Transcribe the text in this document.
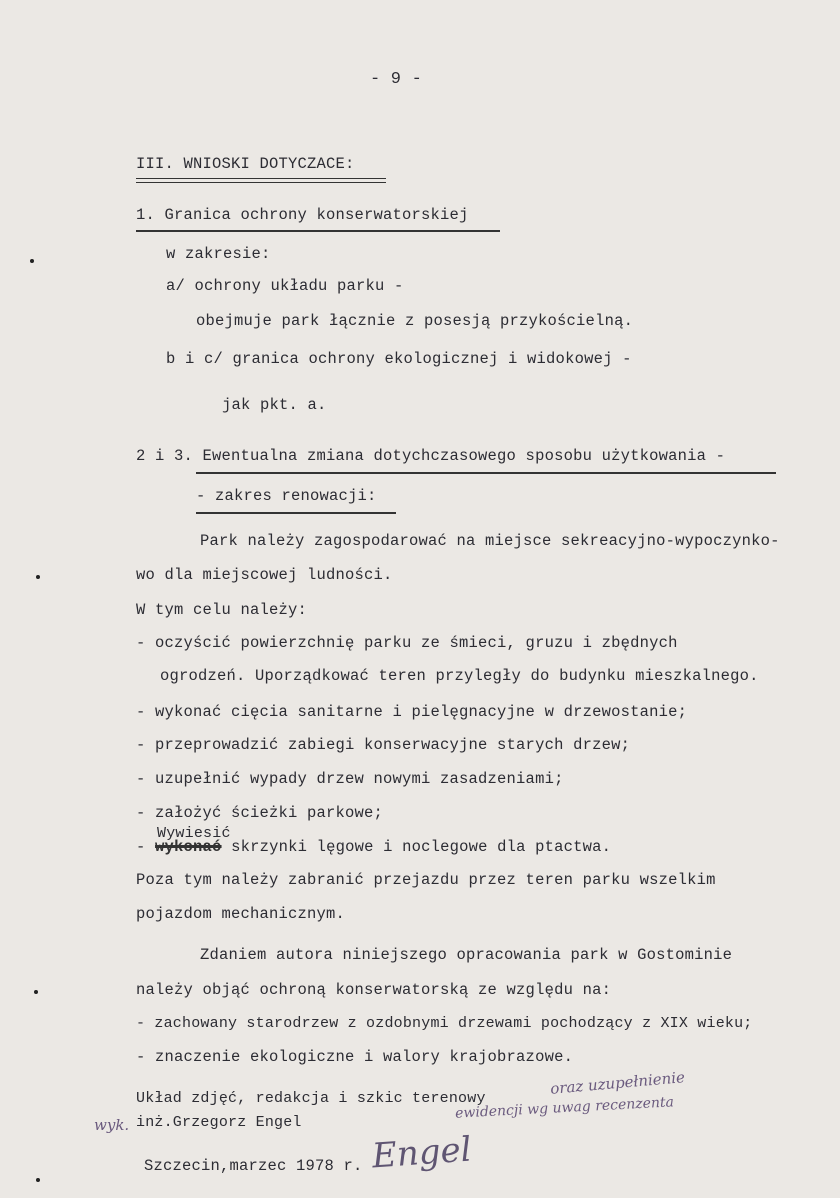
- 9 -
III. WNIOSKI DOTYCZACE:
1. Granica ochrony konserwatorskiej
w zakresie:
a/ ochrony układu parku -
obejmuje park łącznie z posesją przykościelną.
b i c/ granica ochrony ekologicznej i widokowej -
jak pkt. a.
2 i 3. Ewentualna zmiana dotychczasowego sposobu użytkowania -
- zakres renowacji:
Park należy zagospodarować na miejsce sekreacyjno-wypoczynko-
wo dla miejscowej ludności.
W tym celu należy:
- oczyścić powierzchnię parku ze śmieci, gruzu i zbędnych
ogrodzeń. Uporządkować teren przyległy do budynku mieszkalnego.
- wykonać cięcia sanitarne i pielęgnacyjne w drzewostanie;
- przeprowadzić zabiegi konserwacyjne starych drzew;
- uzupełnić wypady drzew nowymi zasadzeniami;
- założyć ścieżki parkowe;
-
Wywiesić
wykonać skrzynki lęgowe i noclegowe dla ptactwa.
Poza tym należy zabranić przejazdu przez teren parku wszelkim
pojazdom mechanicznym.
Zdaniem autora niniejszego opracowania park w Gostominie
należy objąć ochroną konserwatorską ze względu na:
- zachowany starodrzew z ozdobnymi drzewami pochodzący z XIX wieku;
- znaczenie ekologiczne i walory krajobrazowe.
Układ zdjęć, redakcja i szkic terenowy
oraz uzupełnienie
ewidencji wg uwag recenzenta
wyk. inż.Grzegorz Engel
Szczecin,marzec 1978 r. Engel
